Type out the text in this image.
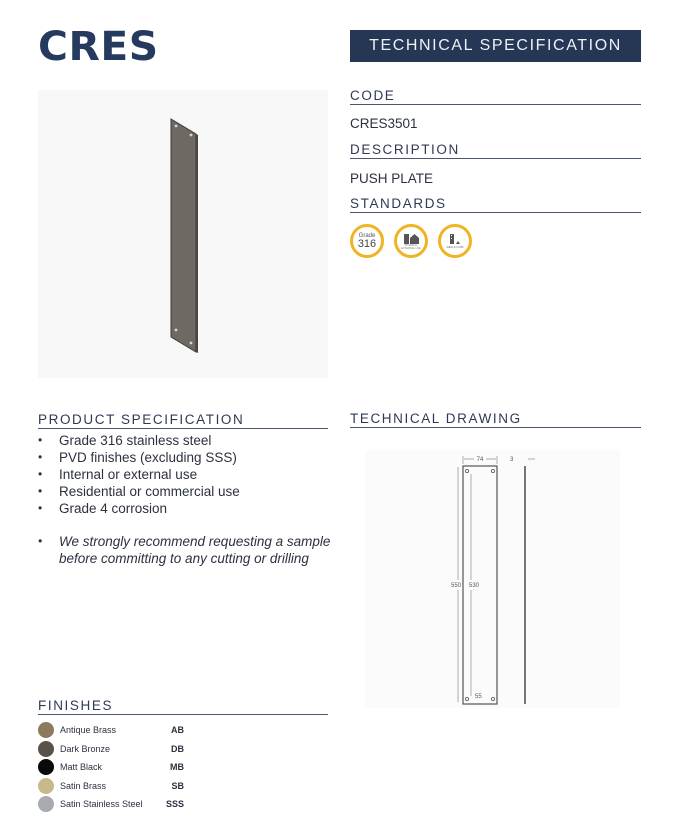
CRES	TECHNICAL SPECIFICATION
CODE
CRES3501
DESCRIPTION
PUSH PLATE
STANDARDS
Grade
316	INTERNAL EXTERNAL USE	RES & COM
PRODUCT SPECIFICATION
• Grade 316 stainless steel
• PVD finishes (excluding SSS)
• Internal or external use
• Residential or commercial use
• Grade 4 corrosion
• We strongly recommend requesting a sample before committing to any cutting or drilling
TECHNICAL DRAWING
74	3
550 530
55
FINISHES
Antique Brass	AB
Dark Bronze	DB
Matt Black	MB
Satin Brass	SB
Satin Stainless Steel	SSS
